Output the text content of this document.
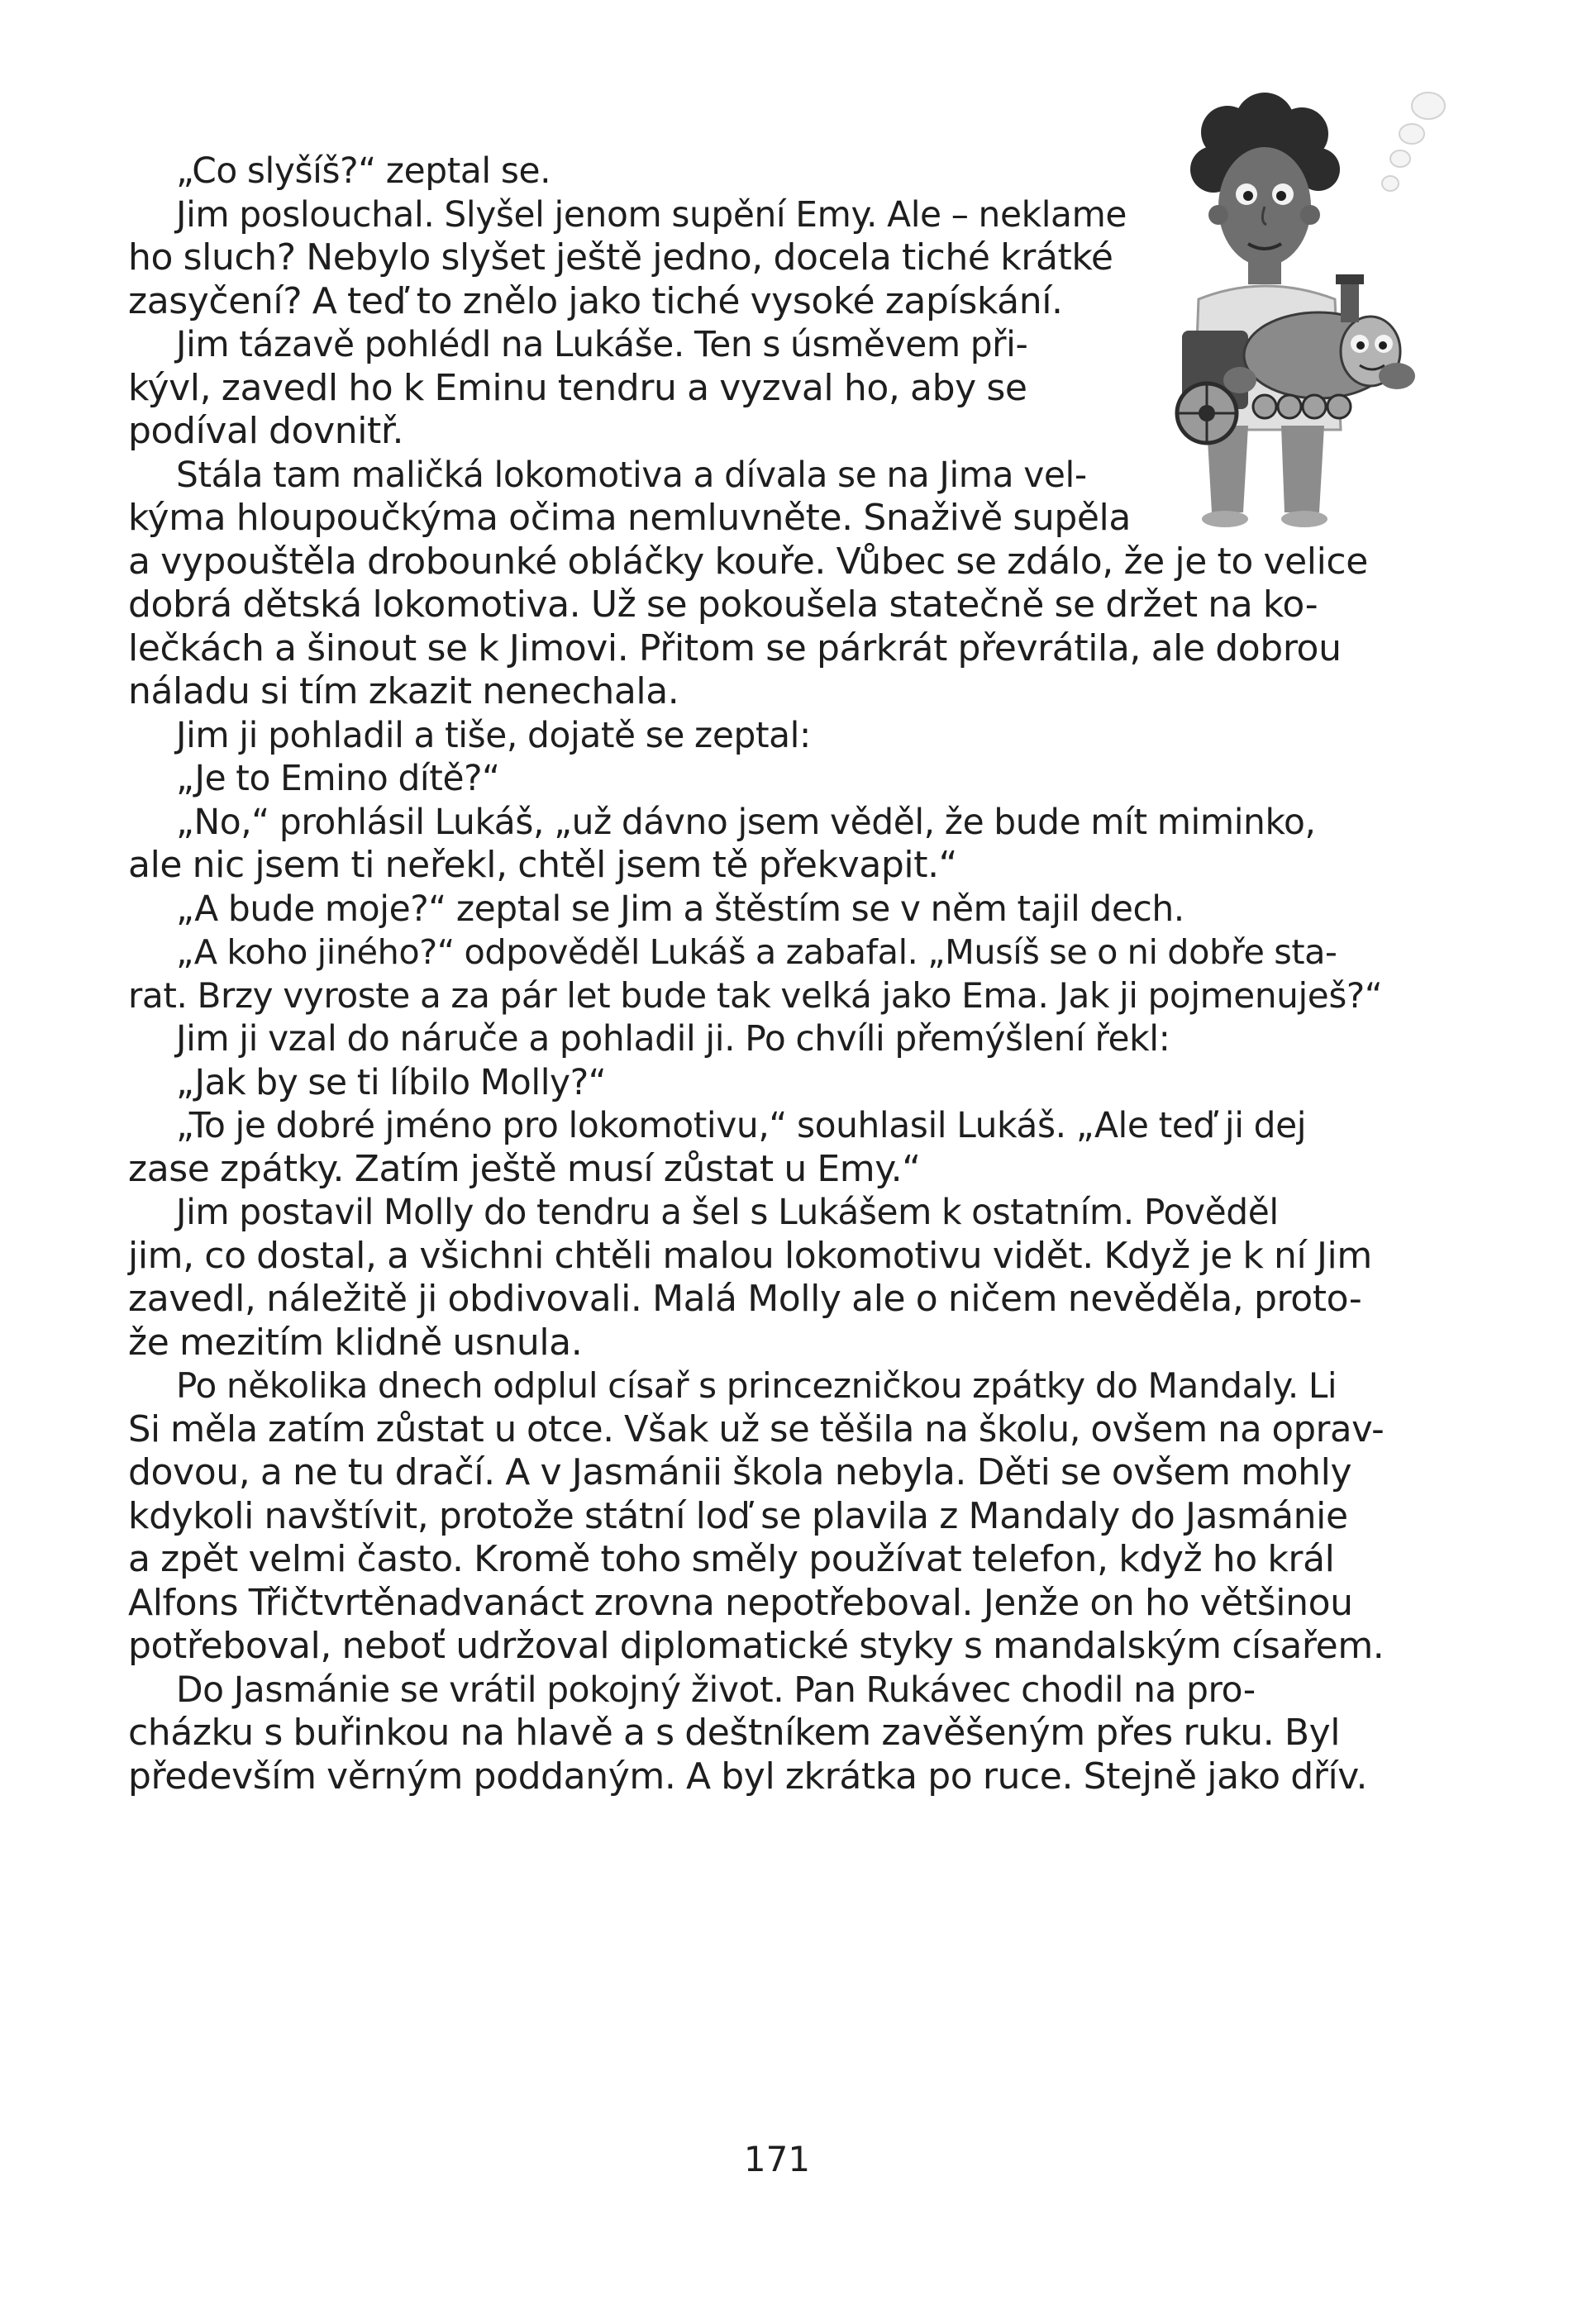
„Co slyšíš?“ zeptal se.
Jim poslouchal. Slyšel jenom supění Emy. Ale – neklame
ho sluch? Nebylo slyšet ještě jedno, docela tiché krátké
zasyčení? A teď to znělo jako tiché vysoké zapískání.
Jim tázavě pohlédl na Lukáše. Ten s úsměvem při-
kývl, zavedl ho k Eminu tendru a vyzval ho, aby se
podíval dovnitř.
Stála tam maličká lokomotiva a dívala se na Jima vel-
kýma hloupoučkýma očima nemluvněte. Snaživě supěla
a vypouštěla drobounké obláčky kouře. Vůbec se zdálo, že je to velice
dobrá dětská lokomotiva. Už se pokoušela statečně se držet na ko-
lečkách a šinout se k Jimovi. Přitom se párkrát převrátila, ale dobrou
náladu si tím zkazit nenechala.
Jim ji pohladil a tiše, dojatě se zeptal:
„Je to Emino dítě?“
„No,“ prohlásil Lukáš, „už dávno jsem věděl, že bude mít miminko,
ale nic jsem ti neřekl, chtěl jsem tě překvapit.“
„A bude moje?“ zeptal se Jim a štěstím se v něm tajil dech.
„A koho jiného?“ odpověděl Lukáš a zabafal. „Musíš se o ni dobře sta-
rat. Brzy vyroste a za pár let bude tak velká jako Ema. Jak ji pojmenuješ?“
Jim ji vzal do náruče a pohladil ji. Po chvíli přemýšlení řekl:
„Jak by se ti líbilo Molly?“
„To je dobré jméno pro lokomotivu,“ souhlasil Lukáš. „Ale teď ji dej
zase zpátky. Zatím ještě musí zůstat u Emy.“
Jim postavil Molly do tendru a šel s Lukášem k ostatním. Pověděl
jim, co dostal, a všichni chtěli malou lokomotivu vidět. Když je k ní Jim
zavedl, náležitě ji obdivovali. Malá Molly ale o ničem nevěděla, proto-
že mezitím klidně usnula.
Po několika dnech odplul císař s princezničkou zpátky do Mandaly. Li
Si měla zatím zůstat u otce. Však už se těšila na školu, ovšem na oprav-
dovou, a ne tu dračí. A v Jasmánii škola nebyla. Děti se ovšem mohly
kdykoli navštívit, protože státní loď se plavila z Mandaly do Jasmánie
a zpět velmi často. Kromě toho směly používat telefon, když ho král
Alfons Třičtvrtěnadvanáct zrovna nepotřeboval. Jenže on ho většinou
potřeboval, neboť udržoval diplomatické styky s mandalským císařem.
Do Jasmánie se vrátil pokojný život. Pan Rukávec chodil na pro-
cházku s buřinkou na hlavě a s deštníkem zavěšeným přes ruku. Byl
především věrným poddaným. A byl zkrátka po ruce. Stejně jako dřív.
171
